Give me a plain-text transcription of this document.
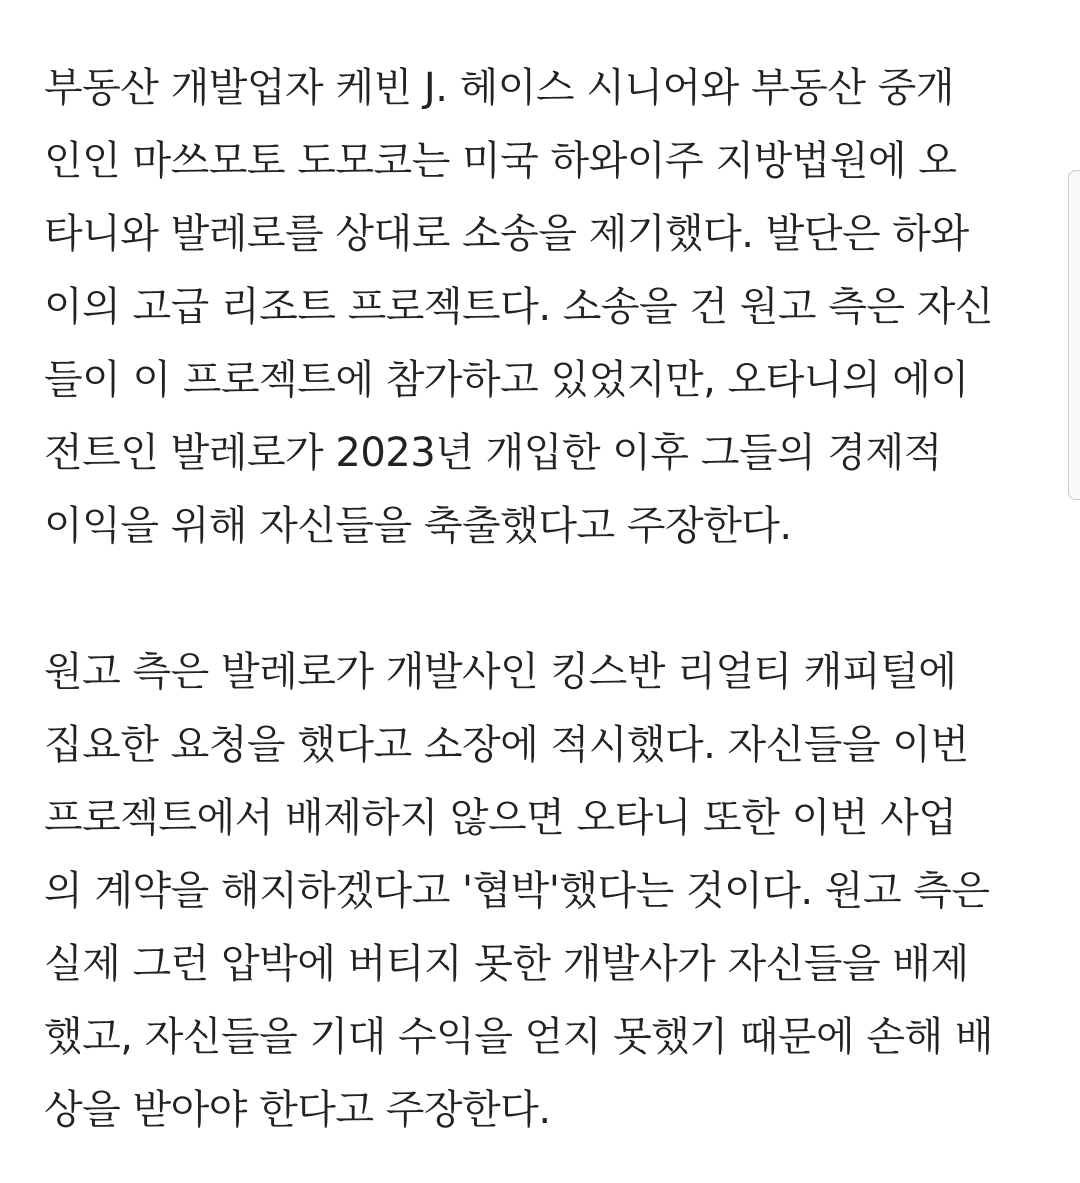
부동산 개발업자 케빈 J. 헤이스 시니어와 부동산 중개
인인 마쓰모토 도모코는 미국 하와이주 지방법원에 오
타니와 발레로를 상대로 소송을 제기했다. 발단은 하와
이의 고급 리조트 프로젝트다. 소송을 건 원고 측은 자신
들이 이 프로젝트에 참가하고 있었지만, 오타니의 에이
전트인 발레로가 2023년 개입한 이후 그들의 경제적
이익을 위해 자신들을 축출했다고 주장한다.

원고 측은 발레로가 개발사인 킹스반 리얼티 캐피털에
집요한 요청을 했다고 소장에 적시했다. 자신들을 이번
프로젝트에서 배제하지 않으면 오타니 또한 이번 사업
의 계약을 해지하겠다고 '협박'했다는 것이다. 원고 측은
실제 그런 압박에 버티지 못한 개발사가 자신들을 배제
했고, 자신들을 기대 수익을 얻지 못했기 때문에 손해 배
상을 받아야 한다고 주장한다.
